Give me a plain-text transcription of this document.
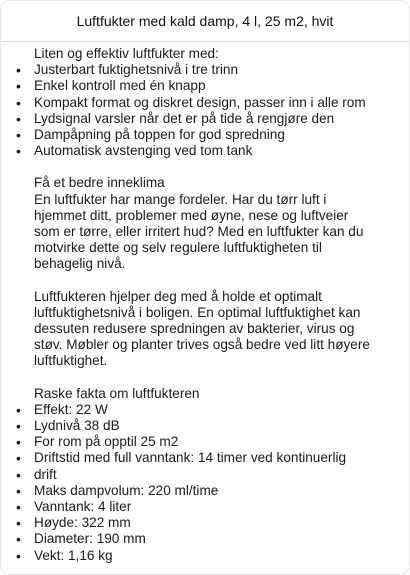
Luftfukter med kald damp, 4 l, 25 m2, hvit

Liten og effektiv luftfukter med:

• Justerbart fuktighetsnivå i tre trinn
• Enkel kontroll med én knapp
• Kompakt format og diskret design, passer inn i alle rom
• Lydsignal varsler når det er på tide å rengjøre den
• Dampåpning på toppen for god spredning
• Automatisk avstenging ved tom tank

Få et bedre inneklima

En luftfukter har mange fordeler. Har du tørr luft i
hjemmet ditt, problemer med øyne, nese og luftveier
som er tørre, eller irritert hud? Med en luftfukter kan du
motvirke dette og selv regulere luftfuktigheten til
behagelig nivå.
Luftfukteren hjelper deg med å holde et optimalt
luftfuktighetsnivå i boligen. En optimal luftfuktighet kan
dessuten redusere spredningen av bakterier, virus og
støv. Møbler og planter trives også bedre ved litt høyere
luftfuktighet.

Raske fakta om luftfukteren

• Effekt: 22 W
• Lydnivå 38 dB
• For rom på opptil 25 m2
• Driftstid med full vanntank: 14 timer ved kontinuerlig
• drift
• Maks dampvolum: 220 ml/time
• Vanntank: 4 liter
• Høyde: 322 mm
• Diameter: 190 mm
• Vekt: 1,16 kg
